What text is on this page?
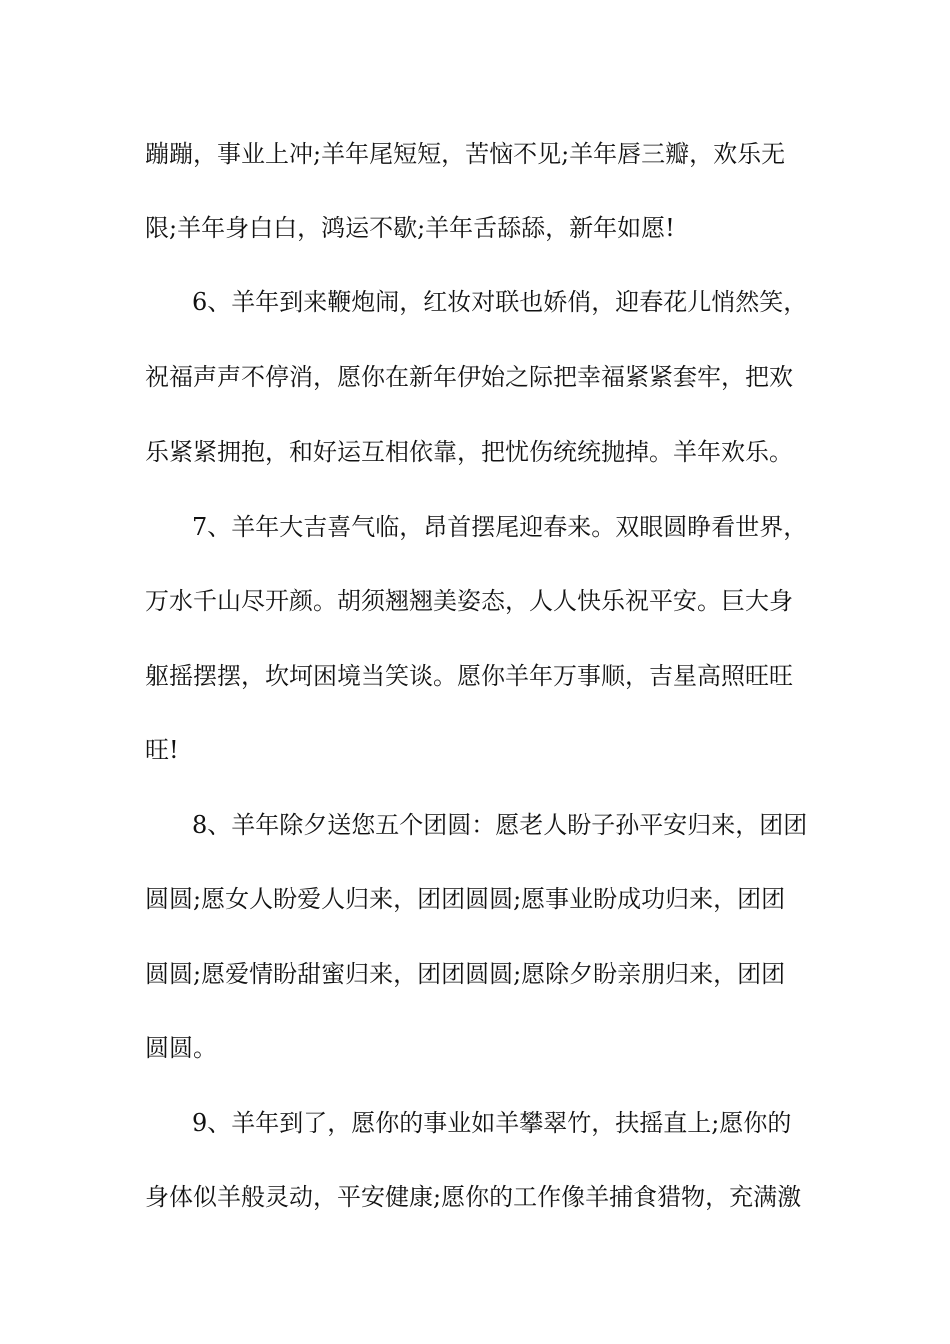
蹦蹦，事业上冲;羊年尾短短，苦恼不见;羊年唇三瓣，欢乐无
限;羊年身白白，鸿运不歇;羊年舌舔舔，新年如愿!
6、羊年到来鞭炮闹，红妆对联也娇俏，迎春花儿悄然笑，
祝福声声不停消，愿你在新年伊始之际把幸福紧紧套牢，把欢
乐紧紧拥抱，和好运互相依靠，把忧伤统统抛掉。羊年欢乐。
7、羊年大吉喜气临，昂首摆尾迎春来。双眼圆睁看世界，
万水千山尽开颜。胡须翘翘美姿态，人人快乐祝平安。巨大身
躯摇摆摆，坎坷困境当笑谈。愿你羊年万事顺，吉星高照旺旺
旺!
8、羊年除夕送您五个团圆：愿老人盼子孙平安归来，团团
圆圆;愿女人盼爱人归来，团团圆圆;愿事业盼成功归来，团团
圆圆;愿爱情盼甜蜜归来，团团圆圆;愿除夕盼亲朋归来，团团
圆圆。
9、羊年到了，愿你的事业如羊攀翠竹，扶摇直上;愿你的
身体似羊般灵动，平安健康;愿你的工作像羊捕食猎物，充满激
